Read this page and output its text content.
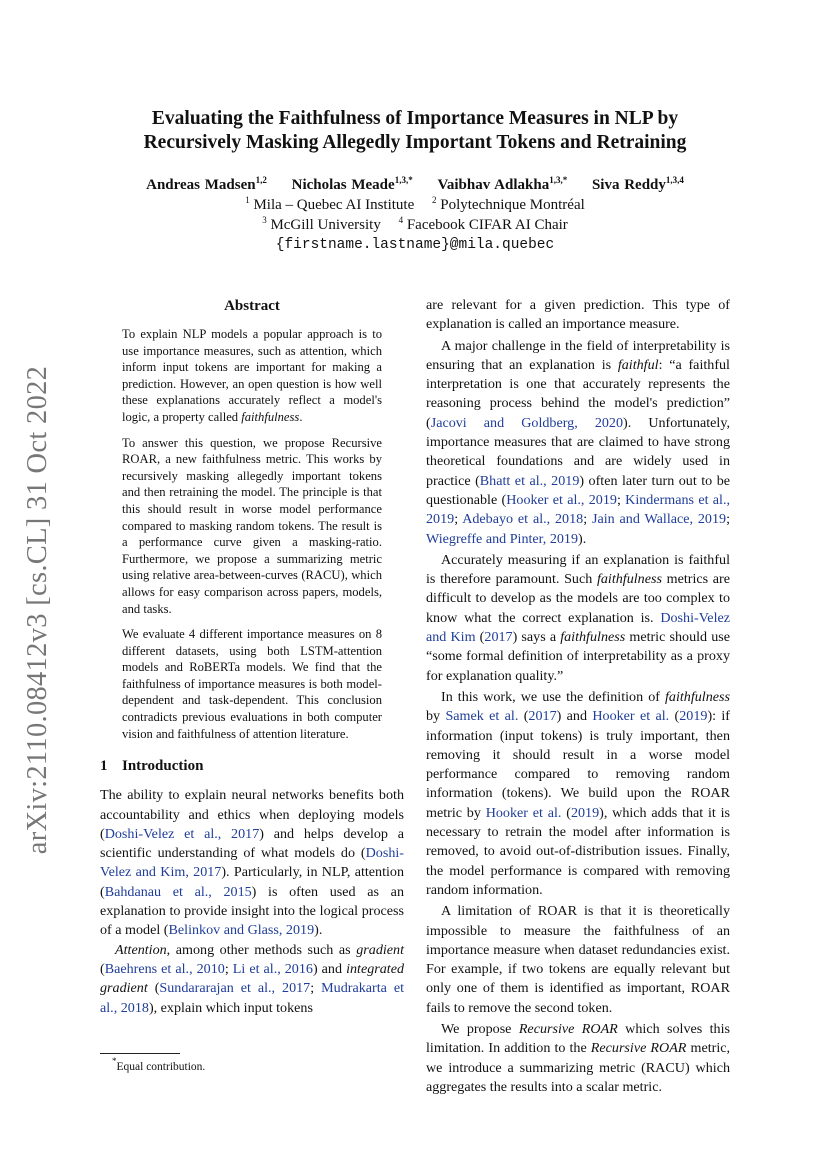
arXiv:2110.08412v3 [cs.CL] 31 Oct 2022
Evaluating the Faithfulness of Importance Measures in NLP by
Recursively Masking Allegedly Important Tokens and Retraining
Andreas Madsen$^{1,2}$ Nicholas Meade$^{1,3,*}$ Vaibhav Adlakha$^{1,3,*}$ Siva Reddy$^{1,3,4}$
$^1$ Mila – Quebec AI Institute $^2$ Polytechnique Montréal
$^3$ McGill University $^4$ Facebook CIFAR AI Chair
{firstname.lastname}@mila.quebec
Abstract

To explain NLP models a popular approach is to use importance measures, such as attention, which inform input tokens are important for making a prediction. However, an open question is how well these explanations accurately reflect a model's logic, a property called faithfulness.

To answer this question, we propose Recursive ROAR, a new faithfulness metric. This works by recursively masking allegedly important tokens and then retraining the model. The principle is that this should result in worse model performance compared to masking random tokens. The result is a performance curve given a masking-ratio. Furthermore, we propose a summarizing metric using relative area-between-curves (RACU), which allows for easy comparison across papers, models, and tasks.

We evaluate 4 different importance measures on 8 different datasets, using both LSTM-attention models and RoBERTa models. We find that the faithfulness of importance measures is both model-dependent and task-dependent. This conclusion contradicts previous evaluations in both computer vision and faithfulness of attention literature.

1 Introduction

The ability to explain neural networks benefits both accountability and ethics when deploying models (Doshi-Velez et al., 2017) and helps develop a scientific understanding of what models do (Doshi-Velez and Kim, 2017). Particularly, in NLP, attention (Bahdanau et al., 2015) is often used as an explanation to provide insight into the logical process of a model (Belinkov and Glass, 2019).

Attention, among other methods such as gradient (Baehrens et al., 2010; Li et al., 2016) and integrated gradient (Sundararajan et al., 2017; Mudrakarta et al., 2018), explain which input tokens

are relevant for a given prediction. This type of explanation is called an importance measure.

A major challenge in the field of interpretability is ensuring that an explanation is faithful: “a faithful interpretation is one that accurately represents the reasoning process behind the model's prediction” (Jacovi and Goldberg, 2020). Unfortunately, importance measures that are claimed to have strong theoretical foundations and are widely used in practice (Bhatt et al., 2019) often later turn out to be questionable (Hooker et al., 2019; Kindermans et al., 2019; Adebayo et al., 2018; Jain and Wallace, 2019; Wiegreffe and Pinter, 2019).

Accurately measuring if an explanation is faithful is therefore paramount. Such faithfulness metrics are difficult to develop as the models are too complex to know what the correct explanation is. Doshi-Velez and Kim (2017) says a faithfulness metric should use “some formal definition of interpretability as a proxy for explanation quality.”

In this work, we use the definition of faithfulness by Samek et al. (2017) and Hooker et al. (2019): if information (input tokens) is truly important, then removing it should result in a worse model performance compared to removing random information (tokens). We build upon the ROAR metric by Hooker et al. (2019), which adds that it is necessary to retrain the model after information is removed, to avoid out-of-distribution issues. Finally, the model performance is compared with removing random information.

A limitation of ROAR is that it is theoretically impossible to measure the faithfulness of an importance measure when dataset redundancies exist. For example, if two tokens are equally relevant but only one of them is identified as important, ROAR fails to remove the second token.

We propose Recursive ROAR which solves this limitation. In addition to the Recursive ROAR metric, we introduce a summarizing metric (RACU) which aggregates the results into a scalar metric.

*Equal contribution.
